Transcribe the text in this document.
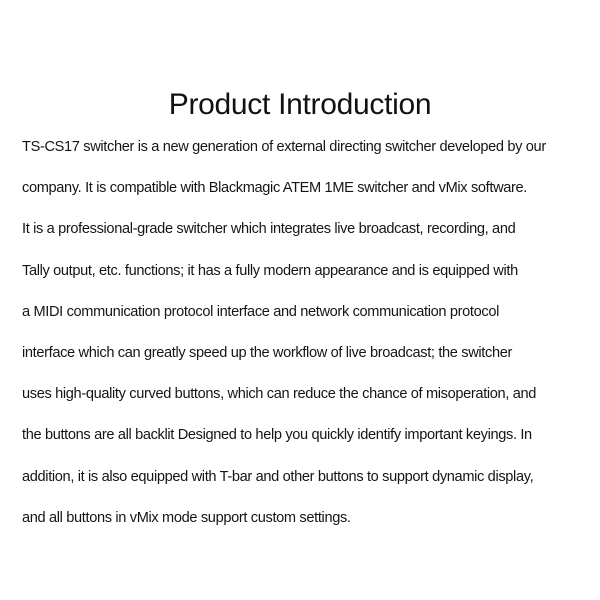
Product Introduction
TS-CS17 switcher is a new generation of external directing switcher developed by our
company. It is compatible with Blackmagic ATEM 1ME switcher and vMix software.
It is a professional-grade switcher which integrates live broadcast, recording, and
Tally output, etc. functions; it has a fully modern appearance and is equipped with
a MIDI communication protocol interface and network communication protocol
interface which can greatly speed up the workflow of live broadcast; the switcher
uses high-quality curved buttons, which can reduce the chance of misoperation, and
the buttons are all backlit Designed to help you quickly identify important keyings. In
addition, it is also equipped with T-bar and other buttons to support dynamic display,
and all buttons in vMix mode support custom settings.
